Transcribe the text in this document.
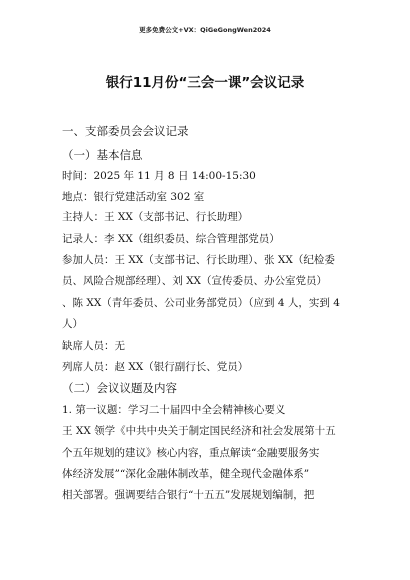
更多免费公文+VX：QiGeGongWen2024
银行11月份“三会一课”会议记录
一、支部委员会会议记录
（一）基本信息
时间：2025 年 11 月 8 日 14:00-15:30
地点：银行党建活动室 302 室
主持人：王 XX（支部书记、行长助理）
记录人：李 XX（组织委员、综合管理部党员）
参加人员：王 XX（支部书记、行长助理）、张 XX（纪检委
员、风险合规部经理）、刘 XX（宣传委员、办公室党员）
、陈 XX（青年委员、公司业务部党员）（应到 4 人，实到 4
人）
缺席人员：无
列席人员：赵 XX（银行副行长、党员）
（二）会议议题及内容
1. 第一议题：学习二十届四中全会精神核心要义
王 XX 领学《中共中央关于制定国民经济和社会发展第十五
个五年规划的建议》核心内容，重点解读“金融要服务实
体经济发展”“深化金融体制改革，健全现代金融体系”
相关部署。强调要结合银行“十五五”发展规划编制，把
